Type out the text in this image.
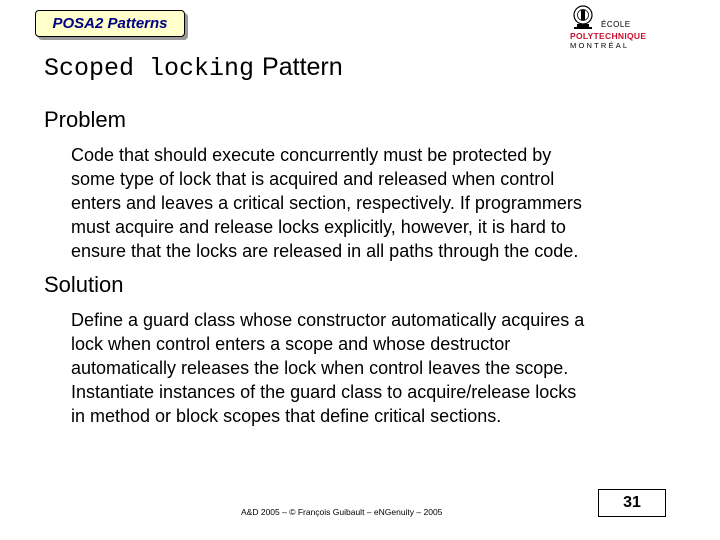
POSA2 Patterns	ÉCOLE
POLYTECHNIQUE
MONTRÉAL
Scoped locking Pattern
Problem
Code that should execute concurrently must be protected by
some type of lock that is acquired and released when control
enters and leaves a critical section, respectively. If programmers
must acquire and release locks explicitly, however, it is hard to
ensure that the locks are released in all paths through the code.
Solution
Define a guard class whose constructor automatically acquires a
lock when control enters a scope and whose destructor
automatically releases the lock when control leaves the scope.
Instantiate instances of the guard class to acquire/release locks
in method or block scopes that define critical sections.
A&D 2005 – © François Guibault – eNGenuity – 2005
31
